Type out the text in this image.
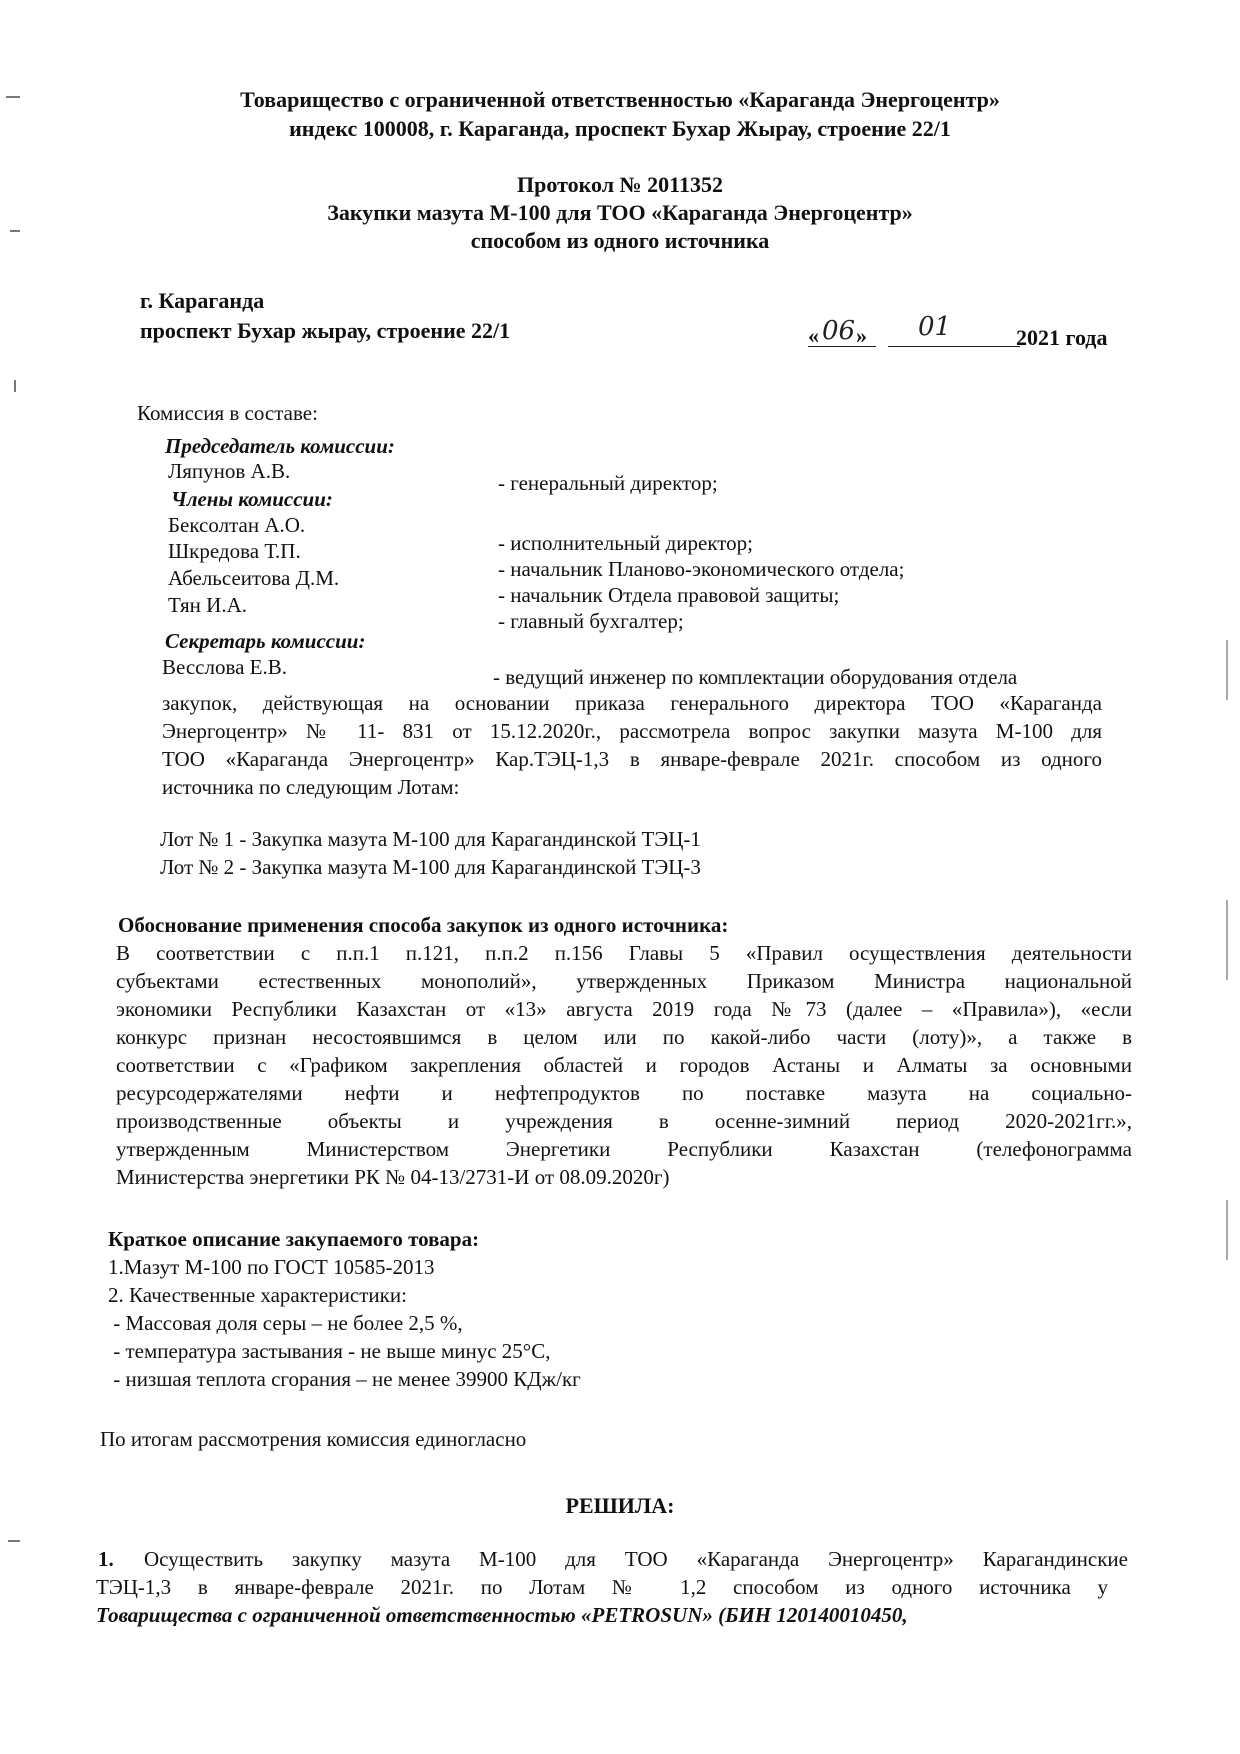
Товарищество с ограниченной ответственностью «Караганда Энергоцентр»
индекс 100008, г. Караганда, проспект Бухар Жырау, строение 22/1
Протокол № 2011352
Закупки мазута М-100 для ТОО «Караганда Энергоцентр»
способом из одного источника
г. Караганда
проспект Бухар жырау, строение 22/1	« 06 » 01	2021 года
Комиссия в составе:
Председатель комиссии:
Ляпунов А.В.	- генеральный директор;
Члены комиссии:
Бексолтан А.О.
- исполнительный директор;
Шкредова Т.П.
- начальник Планово-экономического отдела;
Абельсеитова Д.М.
- начальник Отдела правовой защиты;
Тян И.А.
- главный бухгалтер;
Секретарь комиссии:
Весслова Е.В.	- ведущий инженер по комплектации оборудования отдела
закупок, действующая на основании приказа генерального директора ТОО «Караганда
Энергоцентр» № 11- 831 от 15.12.2020г., рассмотрела вопрос закупки мазута М-100 для
ТОО «Караганда Энергоцентр» Кар.ТЭЦ-1,3 в январе-феврале 2021г. способом из одного
источника по следующим Лотам:
Лот № 1 - Закупка мазута М-100 для Карагандинской ТЭЦ-1
Лот № 2 - Закупка мазута М-100 для Карагандинской ТЭЦ-3
Обоснование применения способа закупок из одного источника:
В соответствии с п.п.1 п.121, п.п.2 п.156 Главы 5 «Правил осуществления деятельности
субъектами естественных монополий», утвержденных Приказом Министра национальной
экономики Республики Казахстан от «13» августа 2019 года №73 (далее – «Правила»), «если
конкурс признан несостоявшимся в целом или по какой-либо части (лоту)», а также в
соответствии с «Графиком закрепления областей и городов Астаны и Алматы за основными
ресурсодержателями нефти и нефтепродуктов по поставке мазута на социально-
производственные объекты и учреждения в осенне-зимний период 2020-2021гг.»,
утвержденным Министерством Энергетики Республики Казахстан (телефонограмма
Министерства энергетики РК № 04-13/2731-И от 08.09.2020г)
Краткое описание закупаемого товара:
1.Мазут М-100 по ГОСТ 10585-2013
2. Качественные характеристики:
- Массовая доля серы – не более 2,5 %,
- температура застывания - не выше минус 25°С,
- низшая теплота сгорания – не менее 39900 КДж/кг
По итогам рассмотрения комиссия единогласно
РЕШИЛА:
1. Осуществить закупку мазута М-100 для ТОО «Караганда Энергоцентр» Карагандинские
ТЭЦ-1,3 в январе-феврале 2021г. по Лотам № 1,2 способом из одного источника у
Товарищества с ограниченной ответственностью «PETROSUN» (БИН 120140010450,
